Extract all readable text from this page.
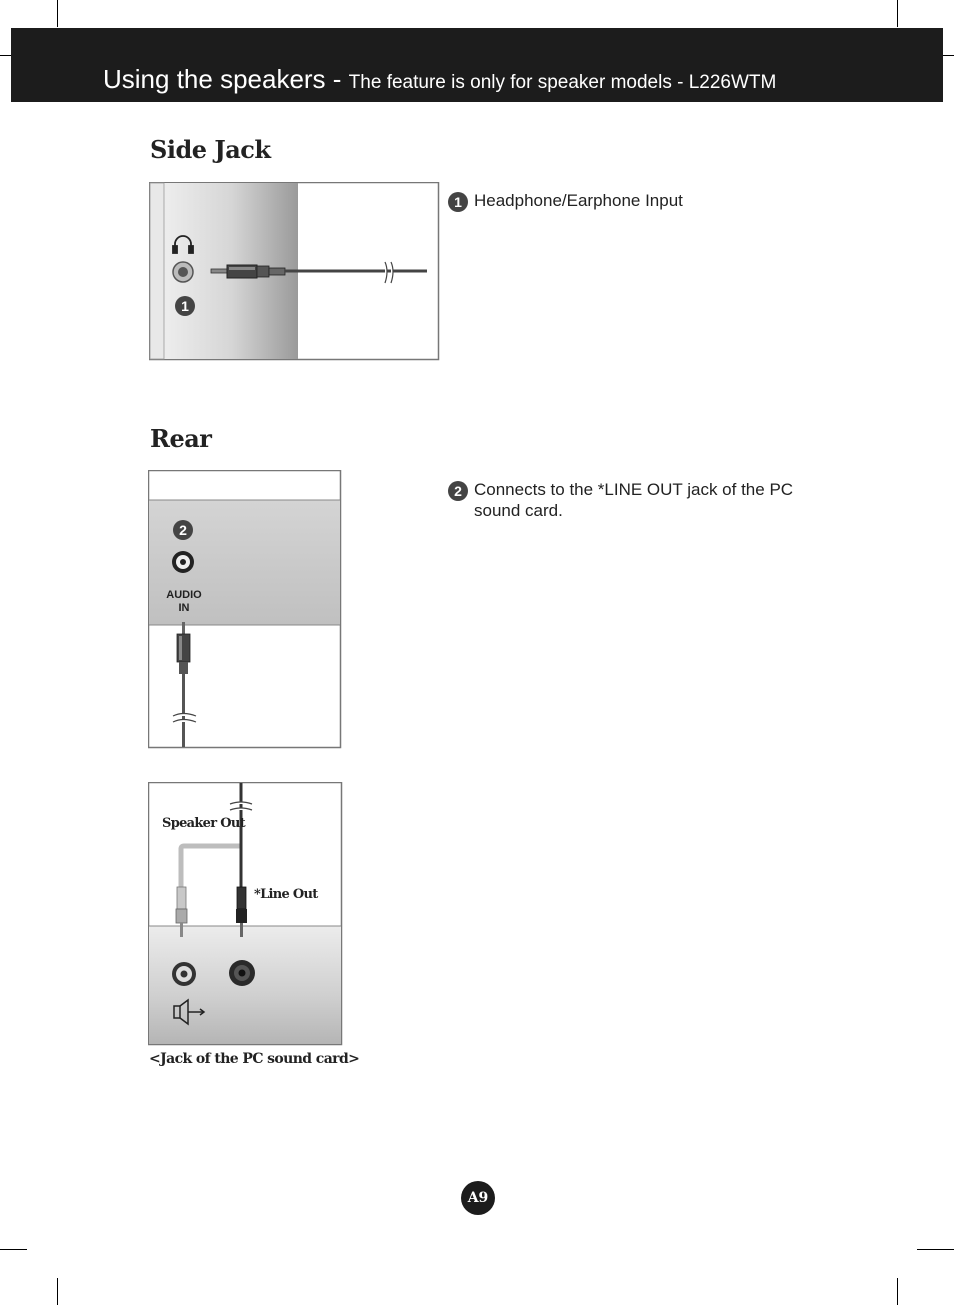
Using the speakers - The feature is only for speaker models - L226WTM
Side Jack
1
1 Headphone/Earphone Input
Rear
2
AUDIO
IN
2 Connects to the *LINE OUT jack of the PC sound card.
Speaker Out
*Line Out
<Jack of the PC sound card>
A9
